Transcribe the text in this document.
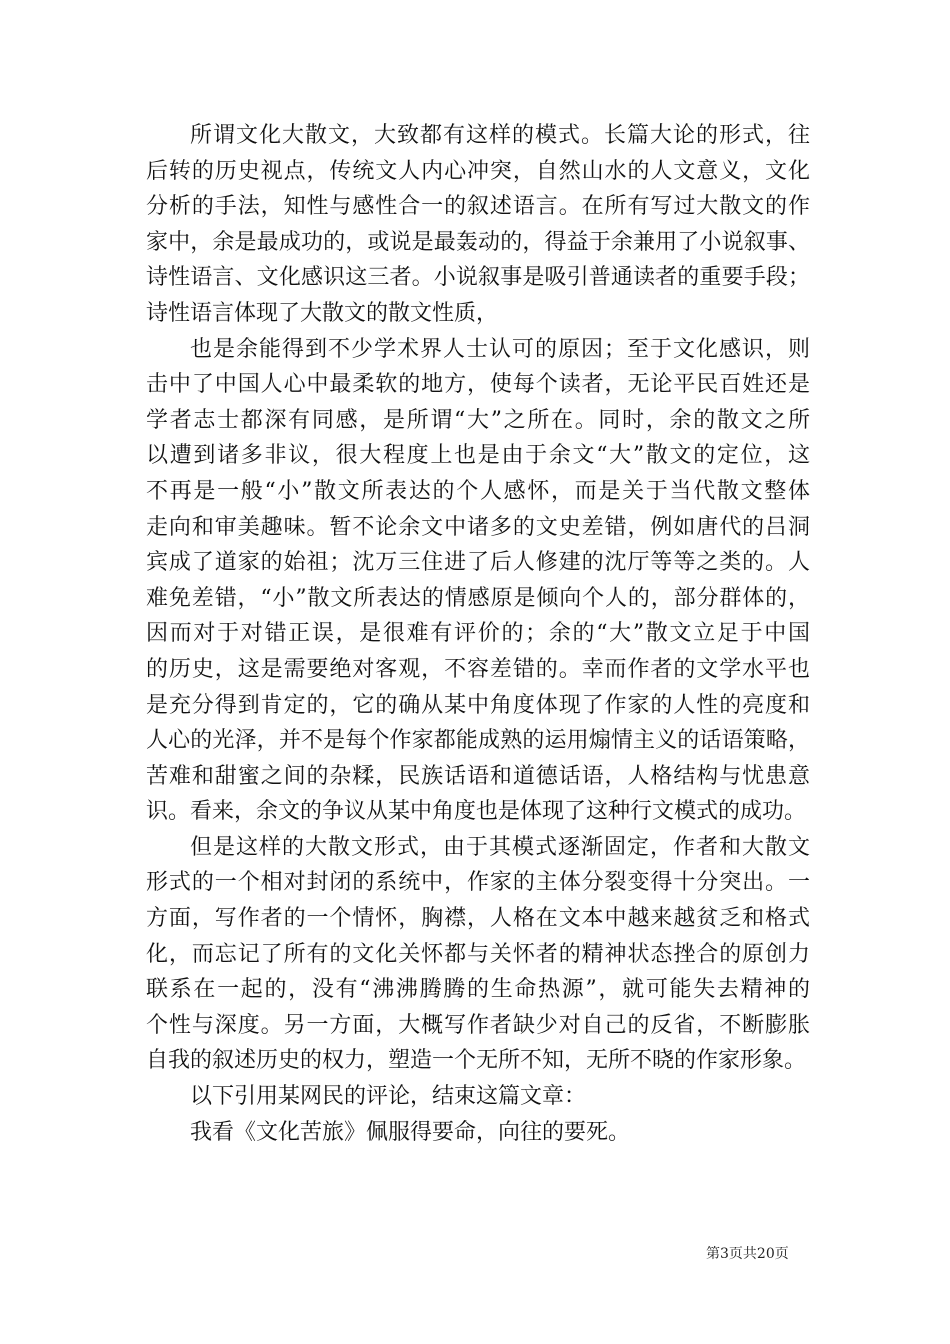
所谓文化大散文，大致都有这样的模式。长篇大论的形式，往
后转的历史视点，传统文人内心冲突，自然山水的人文意义，文化
分析的手法，知性与感性合一的叙述语言。在所有写过大散文的作
家中，余是最成功的，或说是最轰动的，得益于余兼用了小说叙事、
诗性语言、文化感识这三者。小说叙事是吸引普通读者的重要手段；
诗性语言体现了大散文的散文性质，
也是余能得到不少学术界人士认可的原因；至于文化感识，则
击中了中国人心中最柔软的地方，使每个读者，无论平民百姓还是
学者志士都深有同感，是所谓“大”之所在。同时，余的散文之所
以遭到诸多非议，很大程度上也是由于余文“大”散文的定位，这
不再是一般“小”散文所表达的个人感怀，而是关于当代散文整体
走向和审美趣味。暂不论余文中诸多的文史差错，例如唐代的吕洞
宾成了道家的始祖；沈万三住进了后人修建的沈厅等等之类的。人
难免差错，“小”散文所表达的情感原是倾向个人的，部分群体的，
因而对于对错正误，是很难有评价的；余的“大”散文立足于中国
的历史，这是需要绝对客观，不容差错的。幸而作者的文学水平也
是充分得到肯定的，它的确从某中角度体现了作家的人性的亮度和
人心的光泽，并不是每个作家都能成熟的运用煽情主义的话语策略，
苦难和甜蜜之间的杂糅，民族话语和道德话语，人格结构与忧患意
识。看来，余文的争议从某中角度也是体现了这种行文模式的成功。
但是这样的大散文形式，由于其模式逐渐固定，作者和大散文
形式的一个相对封闭的系统中，作家的主体分裂变得十分突出。一
方面，写作者的一个情怀，胸襟，人格在文本中越来越贫乏和格式
化，而忘记了所有的文化关怀都与关怀者的精神状态挫合的原创力
联系在一起的，没有“沸沸腾腾的生命热源”，就可能失去精神的
个性与深度。另一方面，大概写作者缺少对自己的反省，不断膨胀
自我的叙述历史的权力，塑造一个无所不知，无所不晓的作家形象。
以下引用某网民的评论，结束这篇文章：
我看《文化苦旅》佩服得要命，向往的要死。
第3页共20页
